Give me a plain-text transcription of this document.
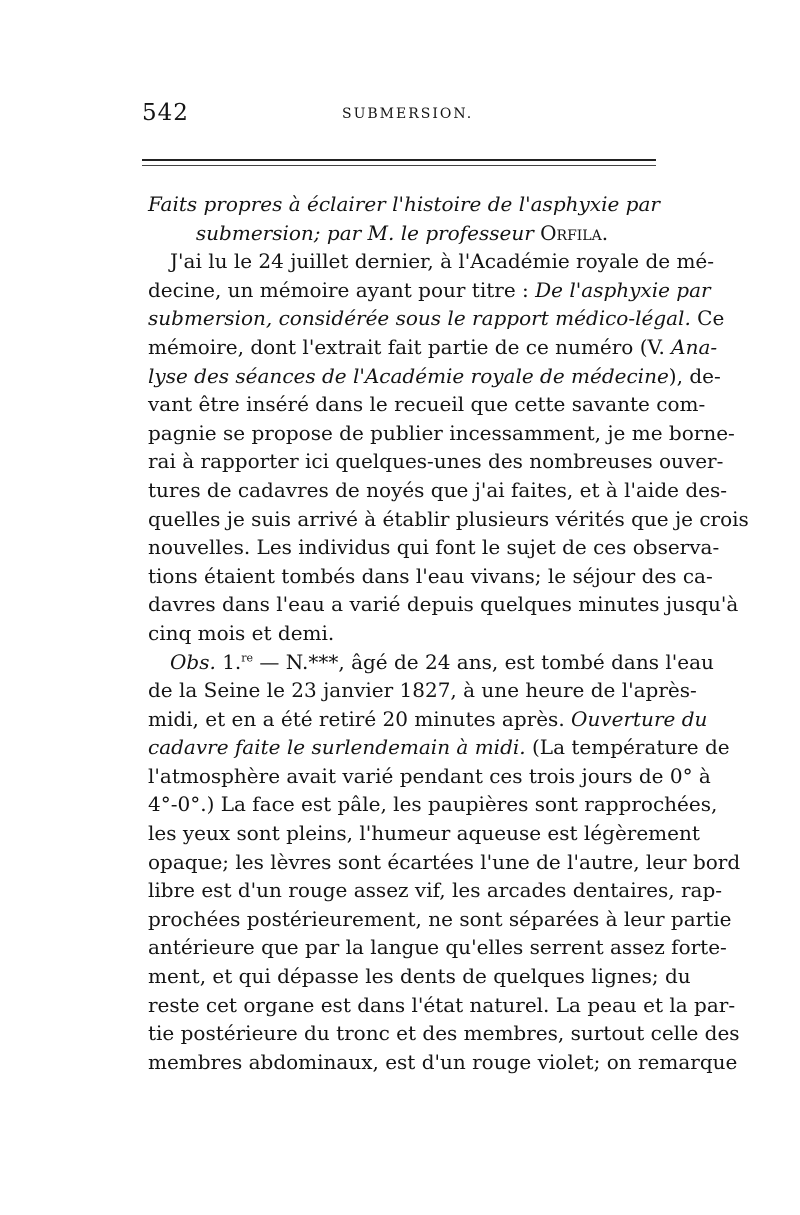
542	SUBMERSION.
Faits propres à éclairer l'histoire de l'asphyxie par
submersion; par M. le professeur Orfila.
J'ai lu le 24 juillet dernier, à l'Académie royale de mé-
decine, un mémoire ayant pour titre : De l'asphyxie par
submersion, considérée sous le rapport médico-légal. Ce
mémoire, dont l'extrait fait partie de ce numéro (V. Ana-
lyse des séances de l'Académie royale de médecine), de-
vant être inséré dans le recueil que cette savante com-
pagnie se propose de publier incessamment, je me borne-
rai à rapporter ici quelques-unes des nombreuses ouver-
tures de cadavres de noyés que j'ai faites, et à l'aide des-
quelles je suis arrivé à établir plusieurs vérités que je crois
nouvelles. Les individus qui font le sujet de ces observa-
tions étaient tombés dans l'eau vivans; le séjour des ca-
davres dans l'eau a varié depuis quelques minutes jusqu'à
cinq mois et demi.
Obs. 1.$^{re}$ — N.***, âgé de 24 ans, est tombé dans l'eau
de la Seine le 23 janvier 1827, à une heure de l'après-
midi, et en a été retiré 20 minutes après. Ouverture du
cadavre faite le surlendemain à midi. (La température de
l'atmosphère avait varié pendant ces trois jours de 0° à
4°-0°.) La face est pâle, les paupières sont rapprochées,
les yeux sont pleins, l'humeur aqueuse est légèrement
opaque; les lèvres sont écartées l'une de l'autre, leur bord
libre est d'un rouge assez vif, les arcades dentaires, rap-
prochées postérieurement, ne sont séparées à leur partie
antérieure que par la langue qu'elles serrent assez forte-
ment, et qui dépasse les dents de quelques lignes; du
reste cet organe est dans l'état naturel. La peau et la par-
tie postérieure du tronc et des membres, surtout celle des
membres abdominaux, est d'un rouge violet; on remarque
